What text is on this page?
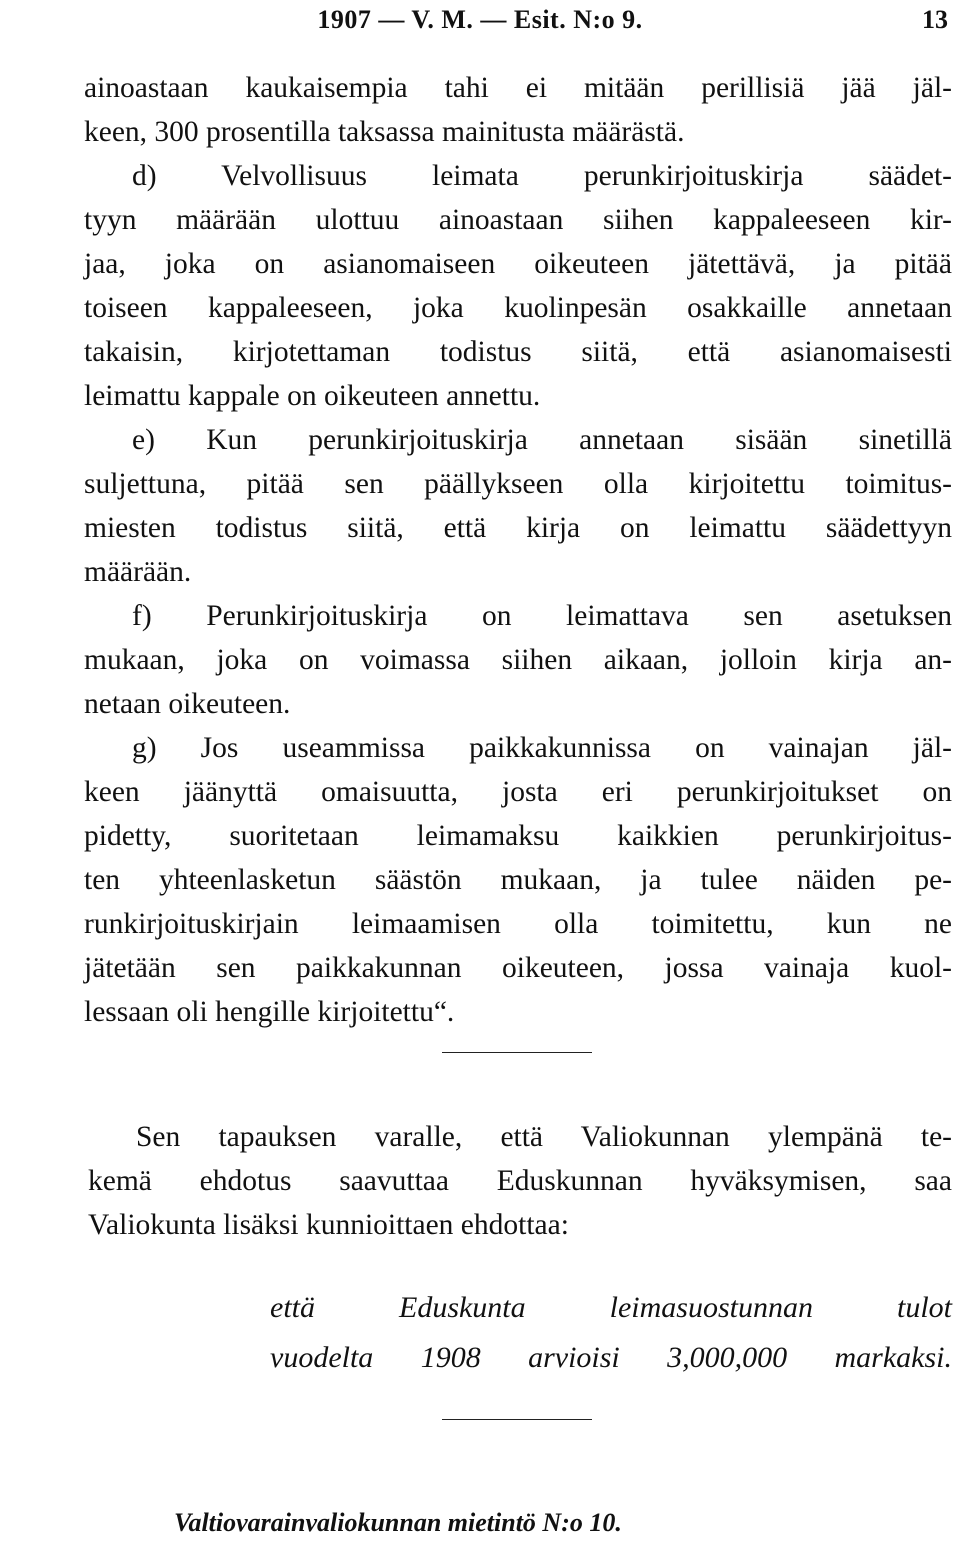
1907 — V. M. — Esit. N:o 9.	13
ainoastaan kaukaisempia tahi ei mitään perillisiä jää jäl-
keen, 300 prosentilla taksassa mainitusta määrästä.
d) Velvollisuus leimata perunkirjoituskirja säädet-
tyyn määrään ulottuu ainoastaan siihen kappaleeseen kir-
jaa, joka on asianomaiseen oikeuteen jätettävä, ja pitää
toiseen kappaleeseen, joka kuolinpesän osakkaille annetaan
takaisin, kirjotettaman todistus siitä, että asianomaisesti
leimattu kappale on oikeuteen annettu.
e) Kun perunkirjoituskirja annetaan sisään sinetillä
suljettuna, pitää sen päällykseen olla kirjoitettu toimitus-
miesten todistus siitä, että kirja on leimattu säädettyyn
määrään.
f) Perunkirjoituskirja on leimattava sen asetuksen
mukaan, joka on voimassa siihen aikaan, jolloin kirja an-
netaan oikeuteen.
g) Jos useammissa paikkakunnissa on vainajan jäl-
keen jäänyttä omaisuutta, josta eri perunkirjoitukset on
pidetty, suoritetaan leimamaksu kaikkien perunkirjoitus-
ten yhteenlasketun säästön mukaan, ja tulee näiden pe-
runkirjoituskirjain leimaamisen olla toimitettu, kun ne
jätetään sen paikkakunnan oikeuteen, jossa vainaja kuol-
lessaan oli hengille kirjoitettu“.
Sen tapauksen varalle, että Valiokunnan ylempänä te-
kemä ehdotus saavuttaa Eduskunnan hyväksymisen, saa
Valiokunta lisäksi kunnioittaen ehdottaa:
että Eduskunta leimasuostunnan tulot
vuodelta 1908 arvioisi 3,000,000 markaksi.
Valtiovarainvaliokunnan mietintö N:o 10.
